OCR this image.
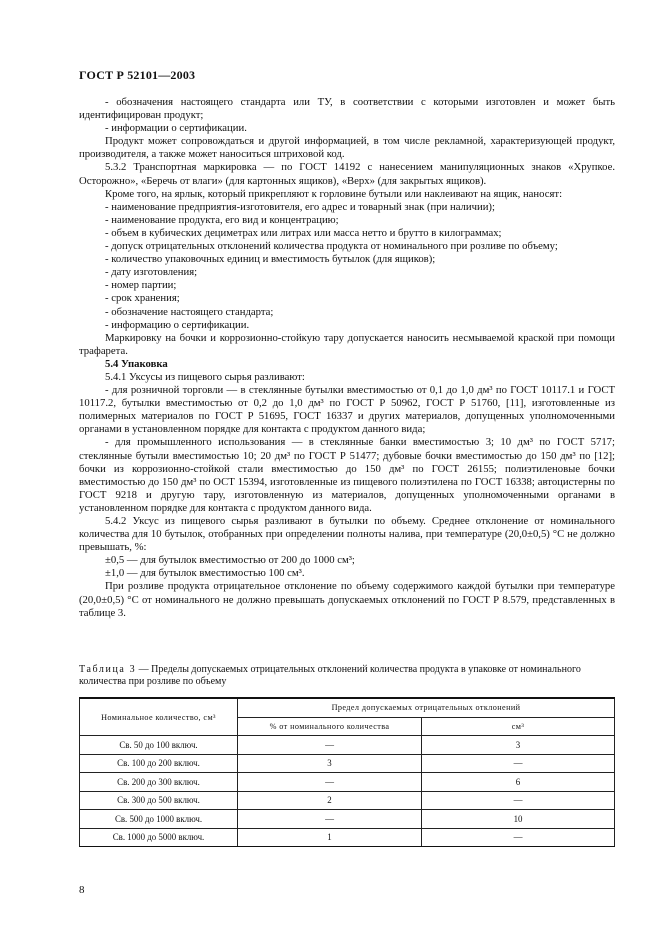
ГОСТ Р 52101—2003

- обозначения настоящего стандарта или ТУ, в соответствии с которыми изготовлен и может быть идентифицирован продукт;

- информации о сертификации.

Продукт может сопровождаться и другой информацией, в том числе рекламной, характеризующей продукт, производителя, а также может наноситься штриховой код.

5.3.2 Транспортная маркировка — по ГОСТ 14192 с нанесением манипуляционных знаков «Хрупкое. Осторожно», «Беречь от влаги» (для картонных ящиков), «Верх» (для закрытых ящиков).

Кроме того, на ярлык, который прикрепляют к горловине бутыли или наклеивают на ящик, наносят:

- наименование предприятия-изготовителя, его адрес и товарный знак (при наличии);

- наименование продукта, его вид и концентрацию;

- объем в кубических дециметрах или литрах или масса нетто и брутто в килограммах;

- допуск отрицательных отклонений количества продукта от номинального при розливе по объему;

- количество упаковочных единиц и вместимость бутылок (для ящиков);

- дату изготовления;

- номер партии;

- срок хранения;

- обозначение настоящего стандарта;

- информацию о сертификации.

Маркировку на бочки и коррозионно-стойкую тару допускается наносить несмываемой краской при помощи трафарета.

5.4 Упаковка

5.4.1 Уксусы из пищевого сырья разливают:

- для розничной торговли — в стеклянные бутылки вместимостью от 0,1 до 1,0 дм³ по ГОСТ 10117.1 и ГОСТ 10117.2, бутылки вместимостью от 0,2 до 1,0 дм³ по ГОСТ Р 50962, ГОСТ Р 51760, [11], изготовленные из полимерных материалов по ГОСТ Р 51695, ГОСТ 16337 и других материалов, допущенных уполномоченными органами в установленном порядке для контакта с продуктом данного вида;

- для промышленного использования — в стеклянные банки вместимостью 3; 10 дм³ по ГОСТ 5717; стеклянные бутыли вместимостью 10; 20 дм³ по ГОСТ Р 51477; дубовые бочки вместимостью до 150 дм³ по [12]; бочки из коррозионно-стойкой стали вместимостью до 150 дм³ по ГОСТ 26155; полиэтиленовые бочки вместимостью до 150 дм³ по ОСТ 15394, изготовленные из пищевого полиэтилена по ГОСТ 16338; автоцистерны по ГОСТ 9218 и другую тару, изготовленную из материалов, допущенных уполномоченными органами в установленном порядке для контакта с продуктом данного вида.

5.4.2 Уксус из пищевого сырья разливают в бутылки по объему. Среднее отклонение от номинального количества для 10 бутылок, отобранных при определении полноты налива, при температуре (20,0±0,5) °С не должно превышать, %:

±0,5 — для бутылок вместимостью от 200 до 1000 см³;

±1,0 — для бутылок вместимостью 100 см³.

При розливе продукта отрицательное отклонение по объему содержимого каждой бутылки при температуре (20,0±0,5) °С от номинального не должно превышать допускаемых отклонений по ГОСТ Р 8.579, представленных в таблице 3.

Таблица 3 — Пределы допускаемых отрицательных отклонений количества продукта в упаковке от номинального количества при розливе по объему
Номинальное количество, см³	Предел допускаемых отрицательных отклонений	
	% от номинального количества	см³
Св. 50 до 100 включ.	—	3
Св. 100 до 200 включ.	3	—
Св. 200 до 300 включ.	—	6
Св. 300 до 500 включ.	2	—
Св. 500 до 1000 включ.	—	10
Св. 1000 до 5000 включ.	1	—
8
